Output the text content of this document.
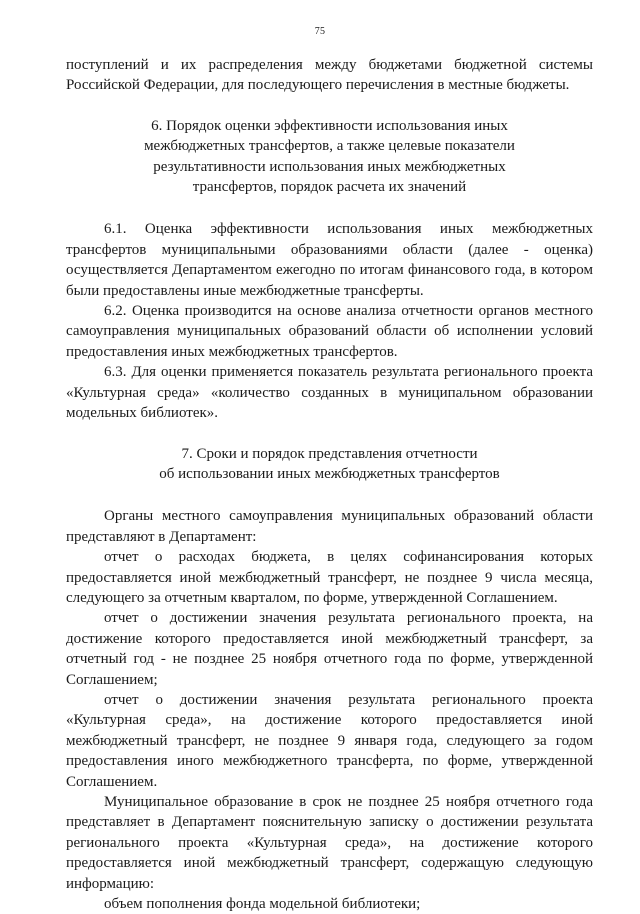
75

поступлений и их распределения между бюджетами бюджетной системы Российской Федерации, для последующего перечисления в местные бюджеты.

6. Порядок оценки эффективности использования иных
межбюджетных трансфертов, а также целевые показатели
результативности использования иных межбюджетных
трансфертов, порядок расчета их значений

6.1. Оценка эффективности использования иных межбюджетных трансфертов муниципальными образованиями области (далее - оценка) осуществляется Департаментом ежегодно по итогам финансового года, в котором были предоставлены иные межбюджетные трансферты.

6.2. Оценка производится на основе анализа отчетности органов местного самоуправления муниципальных образований области об исполнении условий предоставления иных межбюджетных трансфертов.

6.3. Для оценки применяется показатель результата регионального проекта «Культурная среда» «количество созданных в муниципальном образовании модельных библиотек».

7. Сроки и порядок представления отчетности
об использовании иных межбюджетных трансфертов

Органы местного самоуправления муниципальных образований области представляют в Департамент:

отчет о расходах бюджета, в целях софинансирования которых предоставляется иной межбюджетный трансферт, не позднее 9 числа месяца, следующего за отчетным кварталом, по форме, утвержденной Соглашением.

отчет о достижении значения результата регионального проекта, на достижение которого предоставляется иной межбюджетный трансферт, за отчетный год - не позднее 25 ноября отчетного года по форме, утвержденной Соглашением;

отчет о достижении значения результата регионального проекта «Культурная среда», на достижение которого предоставляется иной межбюджетный трансферт, не позднее 9 января года, следующего за годом предоставления иного межбюджетного трансферта, по форме, утвержденной Соглашением.

Муниципальное образование в срок не позднее 25 ноября отчетного года представляет в Департамент пояснительную записку о достижении результата регионального проекта «Культурная среда», на достижение которого предоставляется иной межбюджетный трансферт, содержащую следующую информацию:

объем пополнения фонда модельной библиотеки;
